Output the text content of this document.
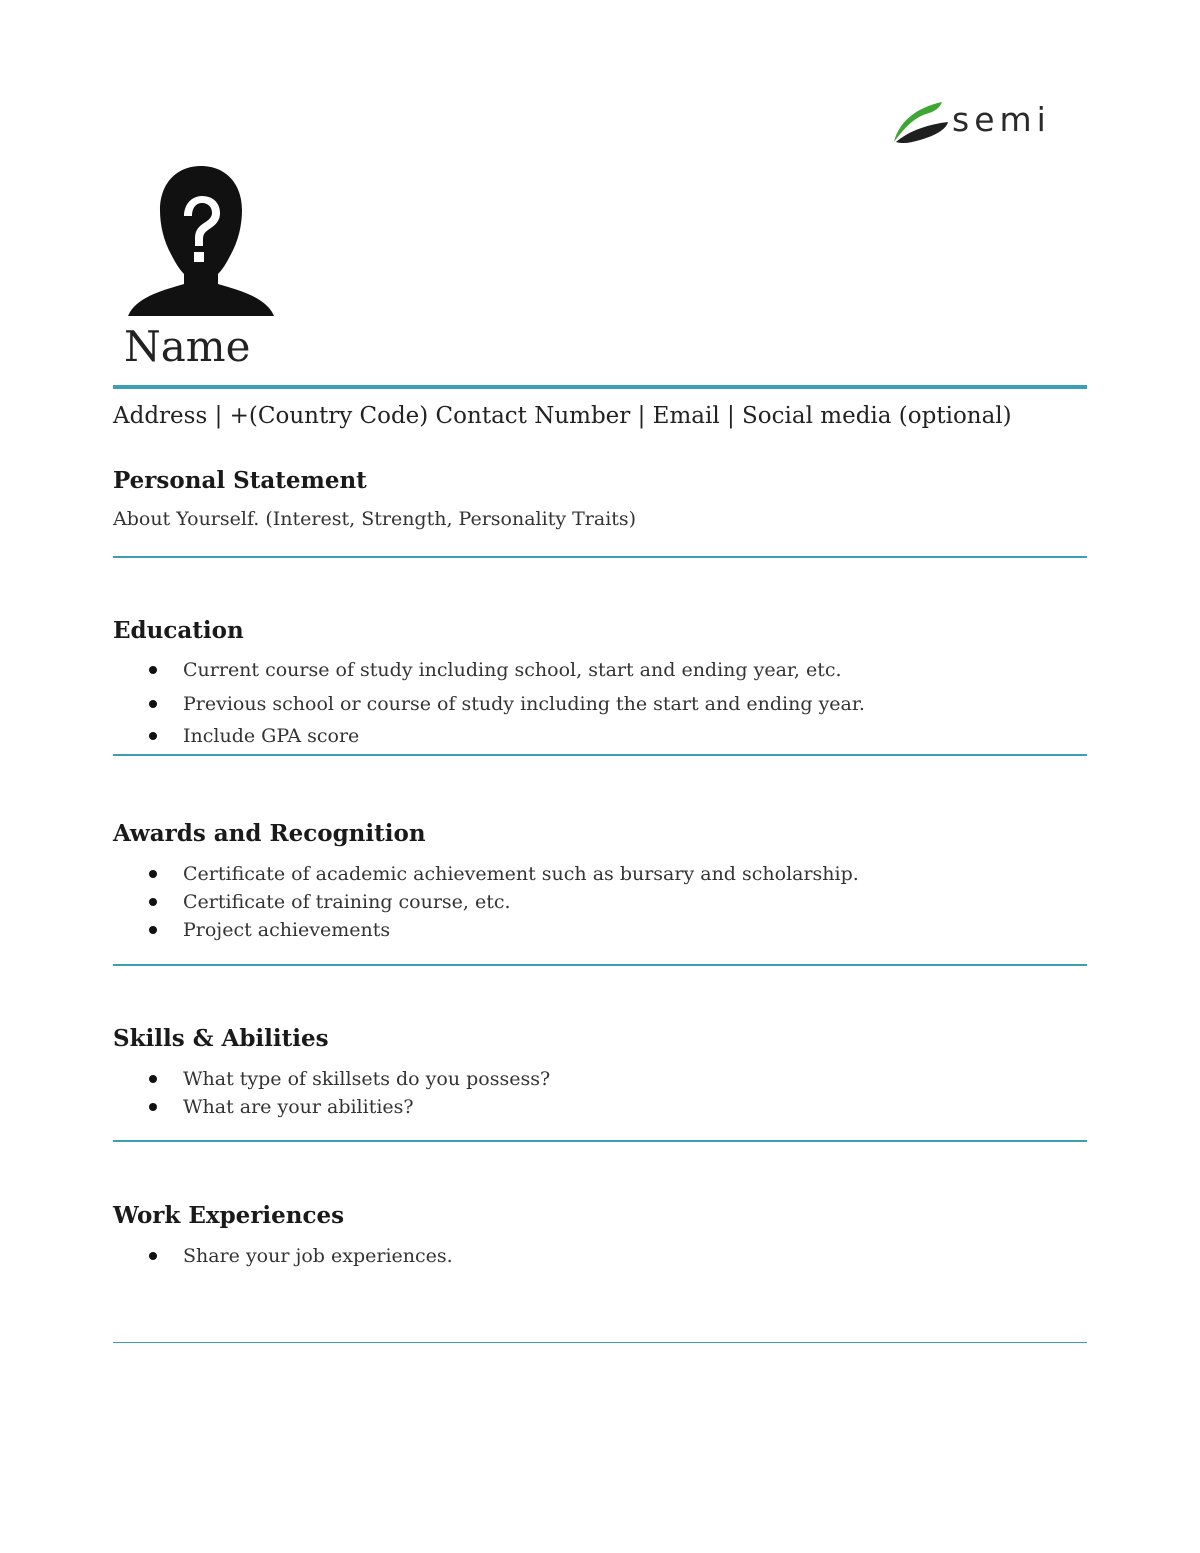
semi
Name
Address | +(Country Code) Contact Number | Email | Social media (optional)
Personal Statement
About Yourself. (Interest, Strength, Personality Traits)
Education
Current course of study including school, start and ending year, etc.
Previous school or course of study including the start and ending year.
Include GPA score
Awards and Recognition
Certificate of academic achievement such as bursary and scholarship.
Certificate of training course, etc.
Project achievements
Skills & Abilities
What type of skillsets do you possess?
What are your abilities?
Work Experiences
Share your job experiences.
